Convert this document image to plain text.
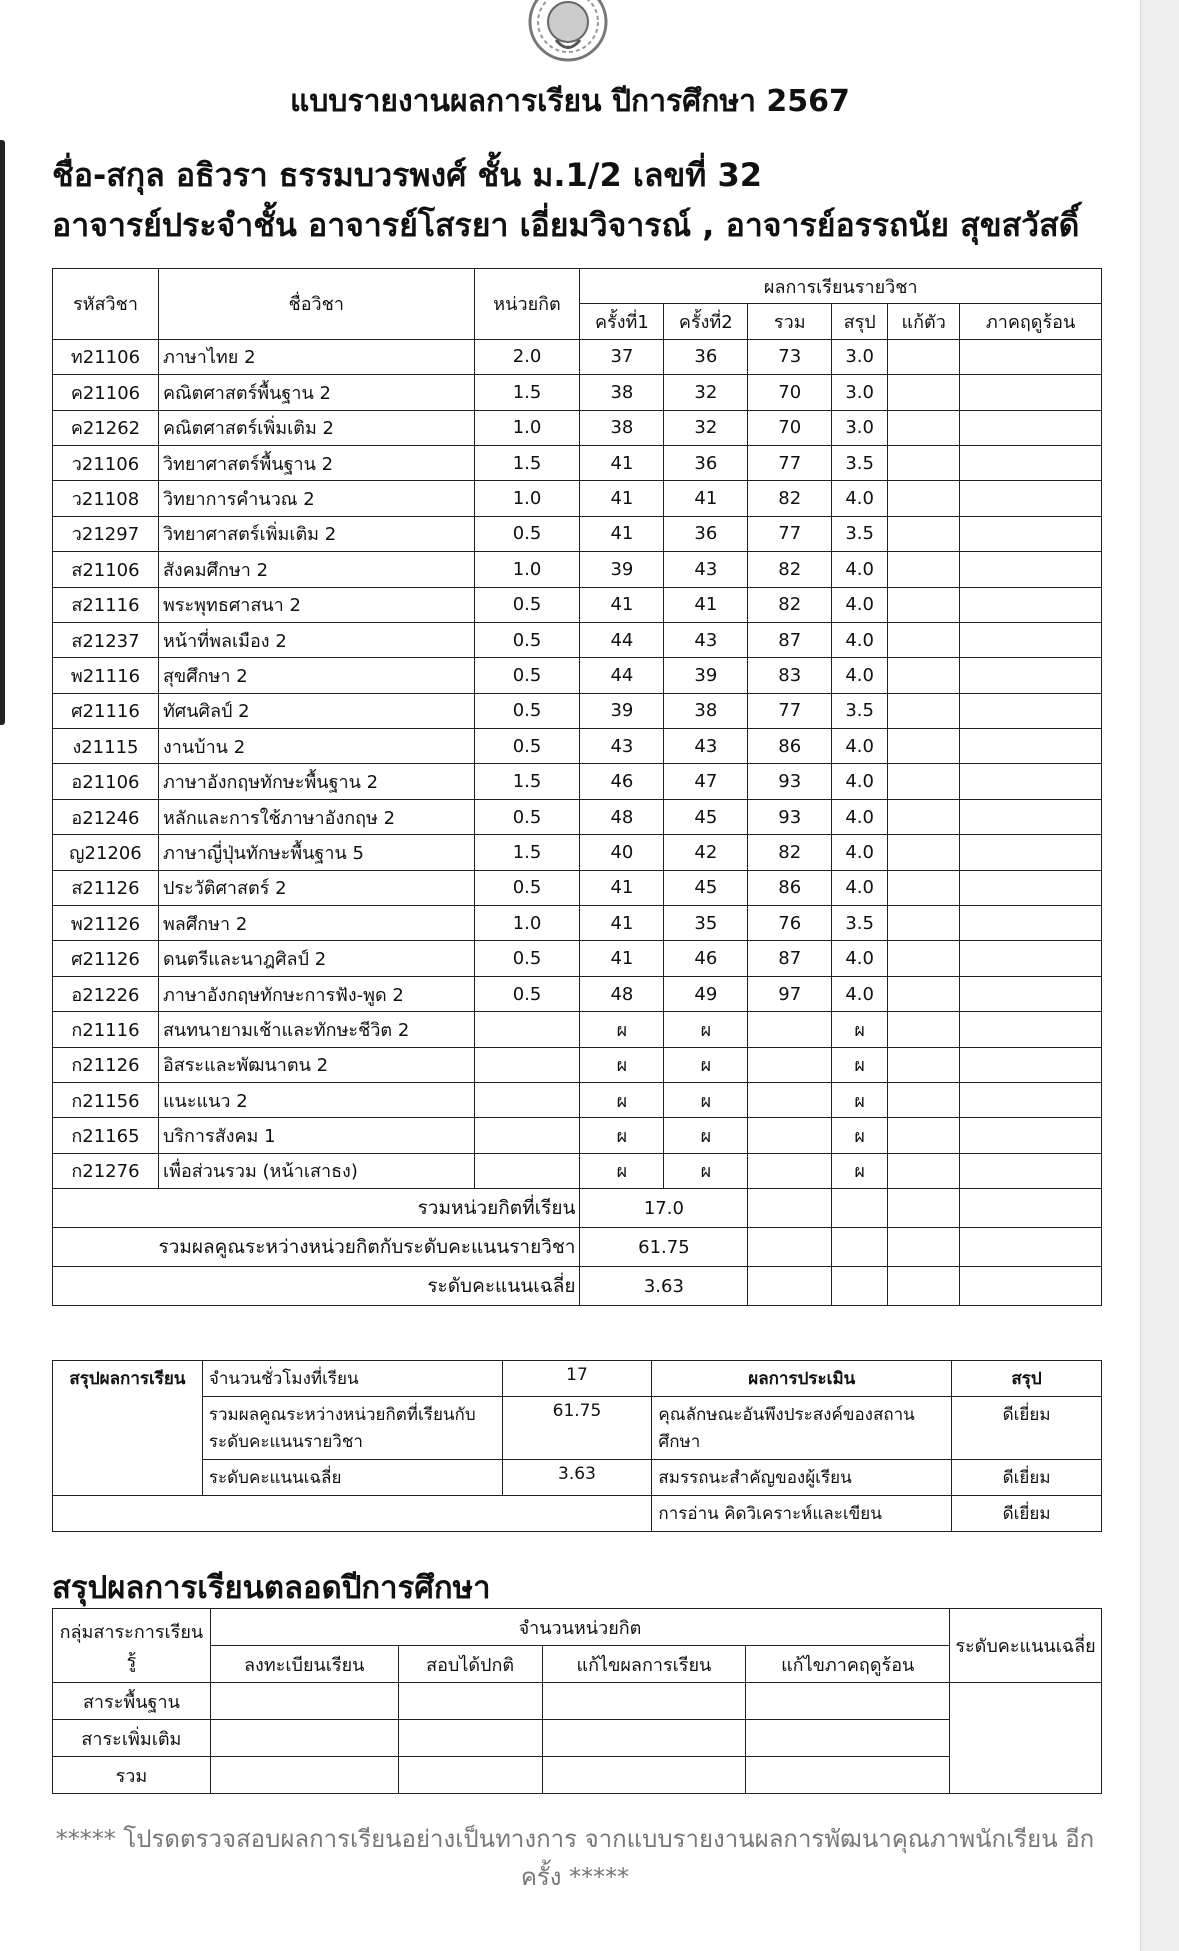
แบบรายงานผลการเรียน ปีการศึกษา 2567
ชื่อ-สกุล อธิวรา ธรรมบวรพงศ์ ชั้น ม.1/2 เลขที่ 32
อาจารย์ประจำชั้น อาจารย์โสรยา เอี่ยมวิจารณ์ , อาจารย์อรรถนัย สุขสวัสดิ์
รหัสวิชา	ชื่อวิชา	หน่วยกิต	ผลการเรียนรายวิชา					
			ครั้งที่1	ครั้งที่2	รวม	สรุป	แก้ตัว	ภาคฤดูร้อน
ท21106	ภาษาไทย 2	2.0	37	36	73	3.0		
ค21106	คณิตศาสตร์พื้นฐาน 2	1.5	38	32	70	3.0		
ค21262	คณิตศาสตร์เพิ่มเติม 2	1.0	38	32	70	3.0		
ว21106	วิทยาศาสตร์พื้นฐาน 2	1.5	41	36	77	3.5		
ว21108	วิทยาการคำนวณ 2	1.0	41	41	82	4.0		
ว21297	วิทยาศาสตร์เพิ่มเติม 2	0.5	41	36	77	3.5		
ส21106	สังคมศึกษา 2	1.0	39	43	82	4.0		
ส21116	พระพุทธศาสนา 2	0.5	41	41	82	4.0		
ส21237	หน้าที่พลเมือง 2	0.5	44	43	87	4.0		
พ21116	สุขศึกษา 2	0.5	44	39	83	4.0		
ศ21116	ทัศนศิลป์ 2	0.5	39	38	77	3.5		
ง21115	งานบ้าน 2	0.5	43	43	86	4.0		
อ21106	ภาษาอังกฤษทักษะพื้นฐาน 2	1.5	46	47	93	4.0		
อ21246	หลักและการใช้ภาษาอังกฤษ 2	0.5	48	45	93	4.0		
ญ21206	ภาษาญี่ปุ่นทักษะพื้นฐาน 5	1.5	40	42	82	4.0		
ส21126	ประวัติศาสตร์ 2	0.5	41	45	86	4.0		
พ21126	พลศึกษา 2	1.0	41	35	76	3.5		
ศ21126	ดนตรีและนาฎศิลป์ 2	0.5	41	46	87	4.0		
อ21226	ภาษาอังกฤษทักษะการฟัง-พูด 2	0.5	48	49	97	4.0		
ก21116	สนทนายามเช้าและทักษะชีวิต 2		ผ	ผ		ผ		
ก21126	อิสระและพัฒนาตน 2		ผ	ผ		ผ		
ก21156	แนะแนว 2		ผ	ผ		ผ		
ก21165	บริการสังคม 1		ผ	ผ		ผ		
ก21276	เพื่อส่วนรวม (หน้าเสาธง)		ผ	ผ		ผ		
รวมหน่วยกิตที่เรียน			17.0					
รวมผลคูณระหว่างหน่วยกิตกับระดับคะแนนรายวิชา			61.75					
ระดับคะแนนเฉลี่ย			3.63					
สรุปผลการเรียน	จำนวนชั่วโมงที่เรียน	17	ผลการประเมิน	สรุป
	รวมผลคูณระหว่างหน่วยกิตที่เรียนกับระดับคะแนนรายวิชา	61.75	คุณลักษณะอันพึงประสงค์ของสถานศึกษา	ดีเยี่ยม
	ระดับคะแนนเฉลี่ย	3.63	สมรรถนะสำคัญของผู้เรียน	ดีเยี่ยม
			การอ่าน คิดวิเคราะห์และเขียน	ดีเยี่ยม
สรุปผลการเรียนตลอดปีการศึกษา
กลุ่มสาระการเรียนรู้	จำนวนหน่วยกิต				ระดับคะแนนเฉลี่ย
	ลงทะเบียนเรียน	สอบได้ปกติ	แก้ไขผลการเรียน	แก้ไขภาคฤดูร้อน	
สาระพื้นฐาน					
สาระเพิ่มเติม					
รวม					
***** โปรดตรวจสอบผลการเรียนอย่างเป็นทางการ จากแบบรายงานผลการพัฒนาคุณภาพนักเรียน อีกครั้ง *****
